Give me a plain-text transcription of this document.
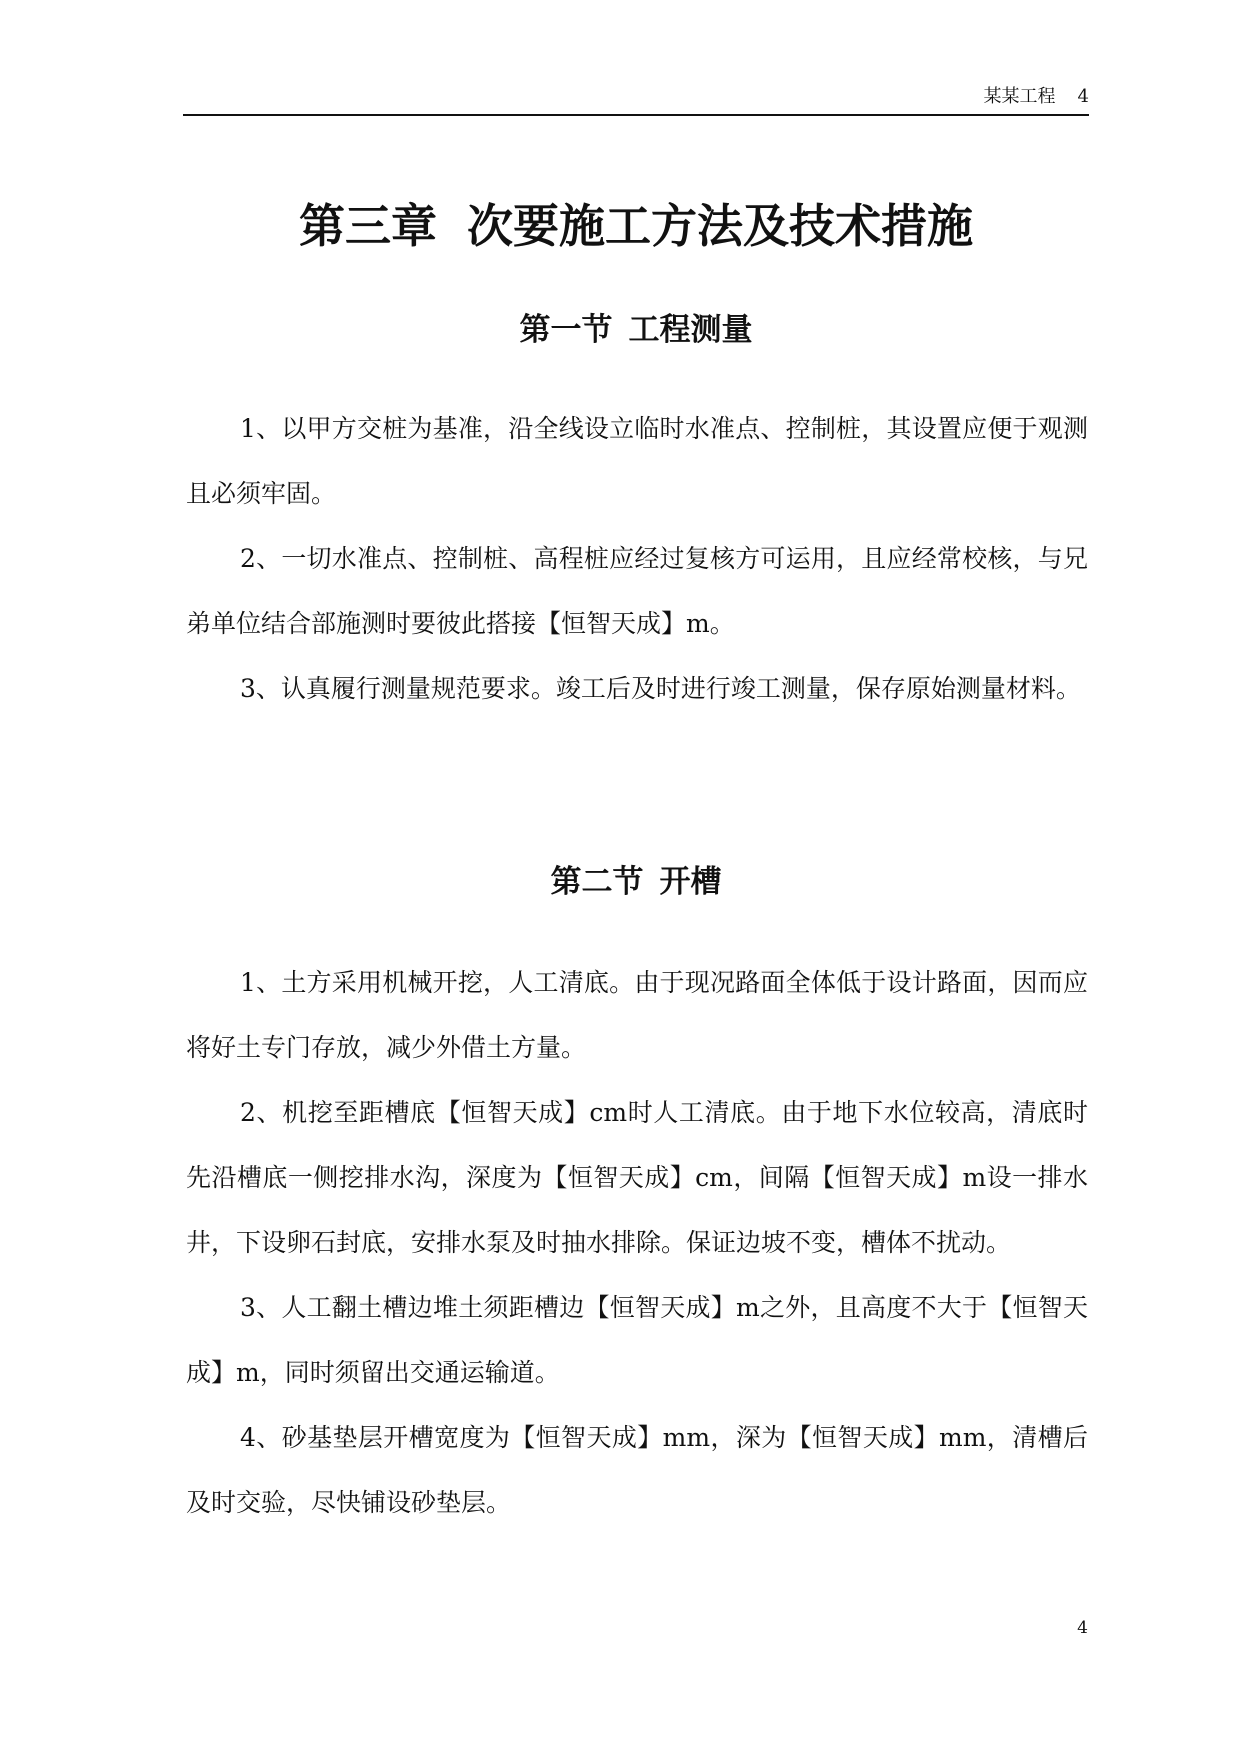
某某工程 4
第三章 次要施工方法及技术措施
第一节 工程测量

1、以甲方交桩为基准，沿全线设立临时水准点、控制桩，其设置应便于观测且必须牢固。

2、一切水准点、控制桩、高程桩应经过复核方可运用，且应经常校核，与兄弟单位结合部施测时要彼此搭接【恒智天成】m。

3、认真履行测量规范要求。竣工后及时进行竣工测量，保存原始测量材料。

第二节 开槽

1、土方采用机械开挖，人工清底。由于现况路面全体低于设计路面，因而应将好土专门存放，减少外借土方量。

2、机挖至距槽底【恒智天成】cm时人工清底。由于地下水位较高，清底时先沿槽底一侧挖排水沟，深度为【恒智天成】cm，间隔【恒智天成】m设一排水井，下设卵石封底，安排水泵及时抽水排除。保证边坡不变，槽体不扰动。

3、人工翻土槽边堆土须距槽边【恒智天成】m之外，且高度不大于【恒智天成】m，同时须留出交通运输道。

4、砂基垫层开槽宽度为【恒智天成】mm，深为【恒智天成】mm，清槽后及时交验，尽快铺设砂垫层。

4
